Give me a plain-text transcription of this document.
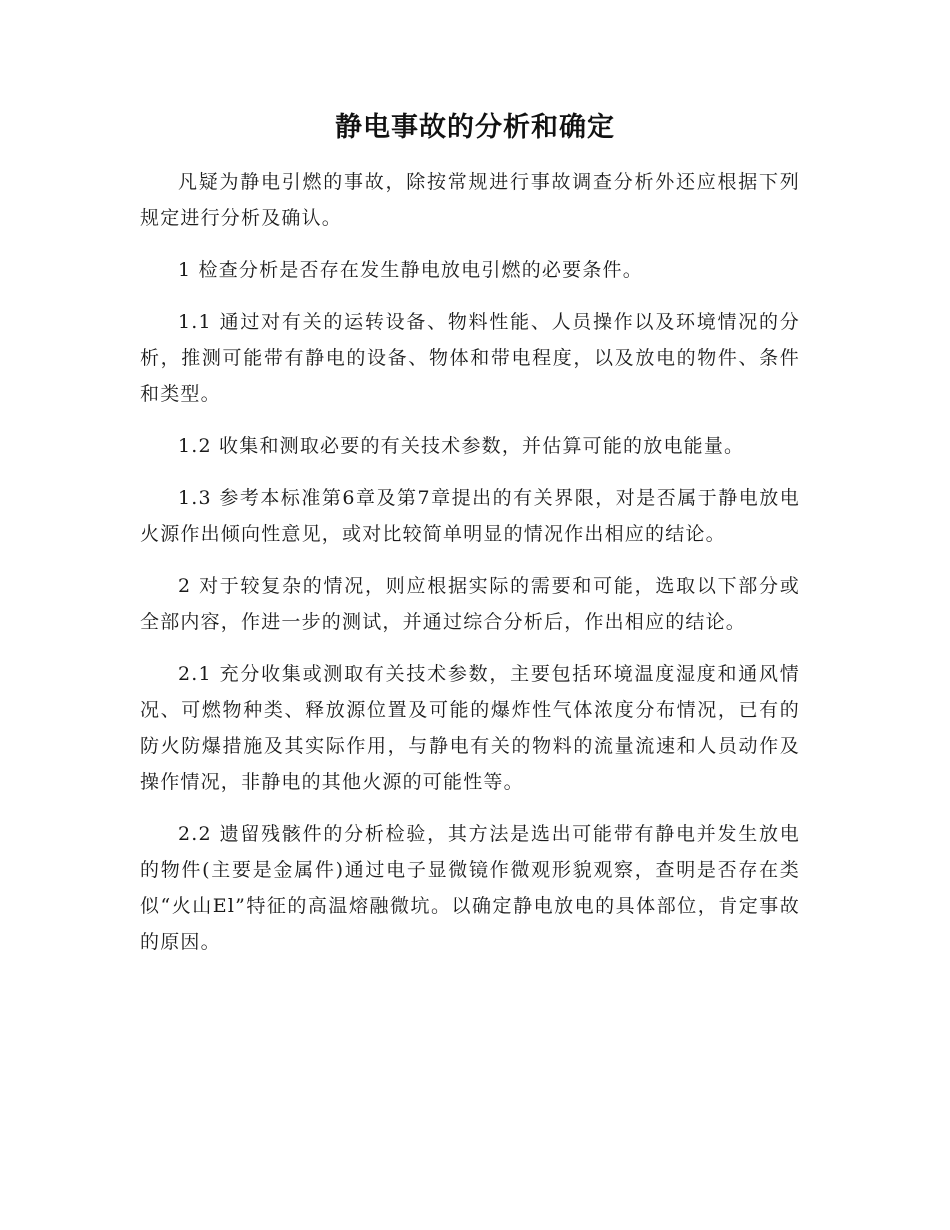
静电事故的分析和确定

凡疑为静电引燃的事故，除按常规进行事故调查分析外还应根据下列规定进行分析及确认。

1 检查分析是否存在发生静电放电引燃的必要条件。

1.1 通过对有关的运转设备、物料性能、人员操作以及环境情况的分析，推测可能带有静电的设备、物体和带电程度，以及放电的物件、条件和类型。

1.2 收集和测取必要的有关技术参数，并估算可能的放电能量。

1.3 参考本标准第6章及第7章提出的有关界限，对是否属于静电放电火源作出倾向性意见，或对比较简单明显的情况作出相应的结论。

2 对于较复杂的情况，则应根据实际的需要和可能，选取以下部分或全部内容，作进一步的测试，并通过综合分析后，作出相应的结论。

2.1 充分收集或测取有关技术参数，主要包括环境温度湿度和通风情况、可燃物种类、释放源位置及可能的爆炸性气体浓度分布情况，已有的防火防爆措施及其实际作用，与静电有关的物料的流量流速和人员动作及操作情况，非静电的其他火源的可能性等。

2.2 遗留残骸件的分析检验，其方法是选出可能带有静电并发生放电的物件(主要是金属件)通过电子显微镜作微观形貌观察，查明是否存在类似“火山El”特征的高温熔融微坑。以确定静电放电的具体部位，肯定事故的原因。
